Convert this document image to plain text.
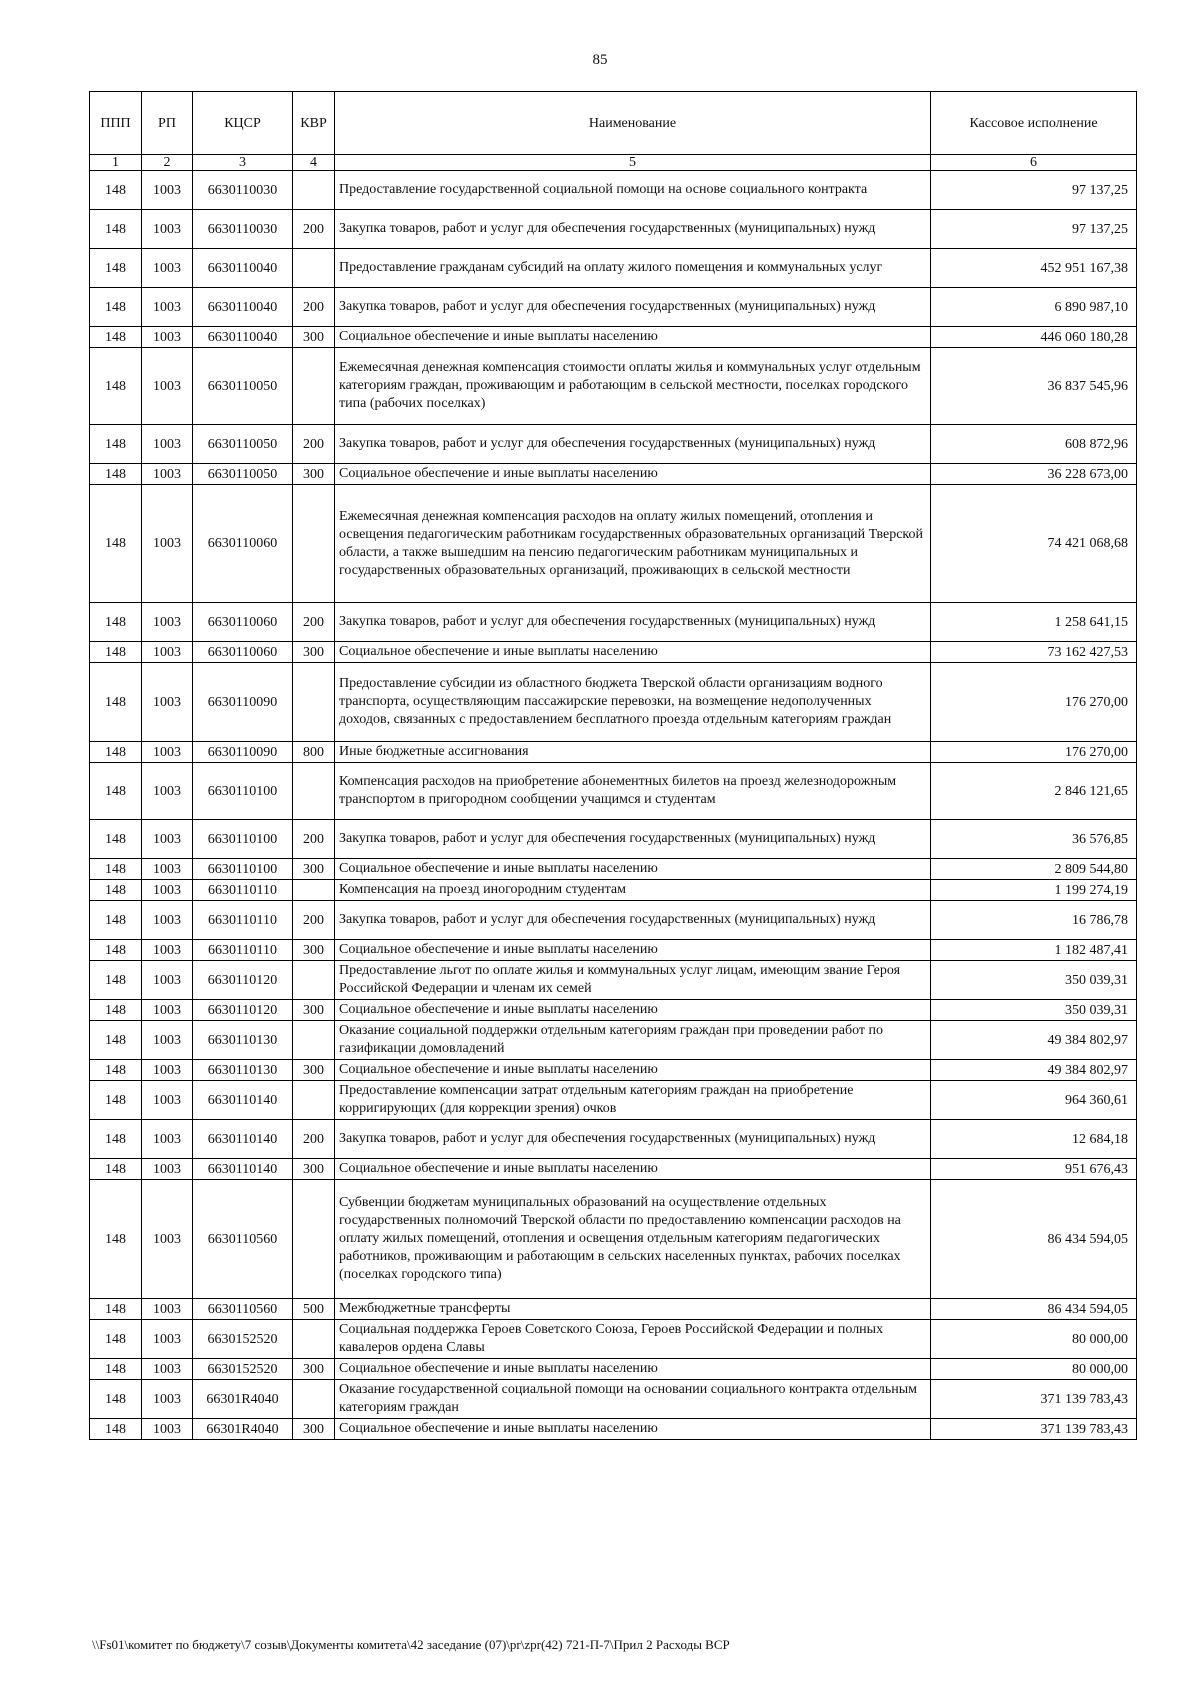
85
ППП	РП	КЦСР	КВР	Наименование	Кассовое исполнение
1	2	3	4	5	6
148	1003	6630110030		Предоставление государственной социальной помощи на основе социального контракта	97 137,25
148	1003	6630110030	200	Закупка товаров, работ и услуг для обеспечения государственных (муниципальных) нужд	97 137,25
148	1003	6630110040		Предоставление гражданам субсидий на оплату жилого помещения и коммунальных услуг	452 951 167,38
148	1003	6630110040	200	Закупка товаров, работ и услуг для обеспечения государственных (муниципальных) нужд	6 890 987,10
148	1003	6630110040	300	Социальное обеспечение и иные выплаты населению	446 060 180,28
148	1003	6630110050		Ежемесячная денежная компенсация стоимости оплаты жилья и коммунальных услуг отдельным категориям граждан, проживающим и работающим в сельской местности, поселках городского типа (рабочих поселках)	36 837 545,96
148	1003	6630110050	200	Закупка товаров, работ и услуг для обеспечения государственных (муниципальных) нужд	608 872,96
148	1003	6630110050	300	Социальное обеспечение и иные выплаты населению	36 228 673,00
148	1003	6630110060		Ежемесячная денежная компенсация расходов на оплату жилых помещений, отопления и освещения педагогическим работникам государственных образовательных организаций Тверской области, а также вышедшим на пенсию педагогическим работникам муниципальных и государственных образовательных организаций, проживающих в сельской местности	74 421 068,68
148	1003	6630110060	200	Закупка товаров, работ и услуг для обеспечения государственных (муниципальных) нужд	1 258 641,15
148	1003	6630110060	300	Социальное обеспечение и иные выплаты населению	73 162 427,53
148	1003	6630110090		Предоставление субсидии из областного бюджета Тверской области организациям водного транспорта, осуществляющим пассажирские перевозки, на возмещение недополученных доходов, связанных с предоставлением бесплатного проезда отдельным категориям граждан	176 270,00
148	1003	6630110090	800	Иные бюджетные ассигнования	176 270,00
148	1003	6630110100		Компенсация расходов на приобретение абонементных билетов на проезд железнодорожным транспортом в пригородном сообщении учащимся и студентам	2 846 121,65
148	1003	6630110100	200	Закупка товаров, работ и услуг для обеспечения государственных (муниципальных) нужд	36 576,85
148	1003	6630110100	300	Социальное обеспечение и иные выплаты населению	2 809 544,80
148	1003	6630110110		Компенсация на проезд иногородним студентам	1 199 274,19
148	1003	6630110110	200	Закупка товаров, работ и услуг для обеспечения государственных (муниципальных) нужд	16 786,78
148	1003	6630110110	300	Социальное обеспечение и иные выплаты населению	1 182 487,41
148	1003	6630110120		Предоставление льгот по оплате жилья и коммунальных услуг лицам, имеющим звание Героя Российской Федерации и членам их семей	350 039,31
148	1003	6630110120	300	Социальное обеспечение и иные выплаты населению	350 039,31
148	1003	6630110130		Оказание социальной поддержки отдельным категориям граждан при проведении работ по газификации домовладений	49 384 802,97
148	1003	6630110130	300	Социальное обеспечение и иные выплаты населению	49 384 802,97
148	1003	6630110140		Предоставление компенсации затрат отдельным категориям граждан на приобретение корригирующих (для коррекции зрения) очков	964 360,61
148	1003	6630110140	200	Закупка товаров, работ и услуг для обеспечения государственных (муниципальных) нужд	12 684,18
148	1003	6630110140	300	Социальное обеспечение и иные выплаты населению	951 676,43
148	1003	6630110560		Субвенции бюджетам муниципальных образований на осуществление отдельных государственных полномочий Тверской области по предоставлению компенсации расходов на оплату жилых помещений, отопления и освещения отдельным категориям педагогических работников, проживающим и работающим в сельских населенных пунктах, рабочих поселках (поселках городского типа)	86 434 594,05
148	1003	6630110560	500	Межбюджетные трансферты	86 434 594,05
148	1003	6630152520		Социальная поддержка Героев Советского Союза, Героев Российской Федерации и полных кавалеров ордена Славы	80 000,00
148	1003	6630152520	300	Социальное обеспечение и иные выплаты населению	80 000,00
148	1003	66301R4040		Оказание государственной социальной помощи на основании социального контракта отдельным категориям граждан	371 139 783,43
148	1003	66301R4040	300	Социальное обеспечение и иные выплаты населению	371 139 783,43
\\Fs01\комитет по бюджету\7 созыв\Документы комитета\42 заседание (07)\pr\zpr(42) 721-П-7\Прил 2 Расходы ВСР
